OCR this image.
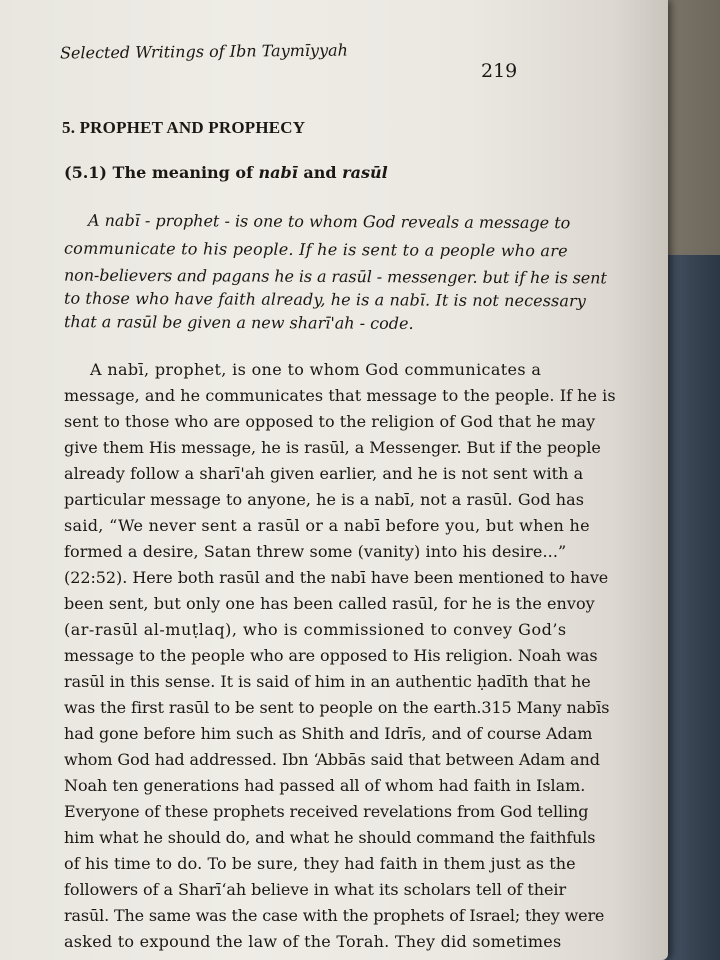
Selected Writings of Ibn Taymīyyah
219
5. PROPHET AND PROPHECY
(5.1) The meaning of nabī and rasūl
A nabī - prophet - is one to whom God reveals a message to
communicate to his people. If he is sent to a people who are
non-believers and pagans he is a rasūl - messenger. but if he is sent
to those who have faith already, he is a nabī. It is not necessary
that a rasūl be given a new sharī'ah - code.
A nabī, prophet, is one to whom God communicates a
message, and he communicates that message to the people. If he is
sent to those who are opposed to the religion of God that he may
give them His message, he is rasūl, a Messenger. But if the people
already follow a sharī'ah given earlier, and he is not sent with a
particular message to anyone, he is a nabī, not a rasūl. God has
said, “We never sent a rasūl or a nabī before you, but when he
formed a desire, Satan threw some (vanity) into his desire...”
(22:52). Here both rasūl and the nabī have been mentioned to have
been sent, but only one has been called rasūl, for he is the envoy
(ar-rasūl al-muṭlaq), who is commissioned to convey God’s
message to the people who are opposed to His religion. Noah was
rasūl in this sense. It is said of him in an authentic ḥadīth that he
was the first rasūl to be sent to people on the earth.315 Many nabīs
had gone before him such as Shith and Idrīs, and of course Adam
whom God had addressed. Ibn ‘Abbās said that between Adam and
Noah ten generations had passed all of whom had faith in Islam.
Everyone of these prophets received revelations from God telling
him what he should do, and what he should command the faithfuls
of his time to do. To be sure, they had faith in them just as the
followers of a Sharī‘ah believe in what its scholars tell of their
rasūl. The same was the case with the prophets of Israel; they were
asked to expound the law of the Torah. They did sometimes
